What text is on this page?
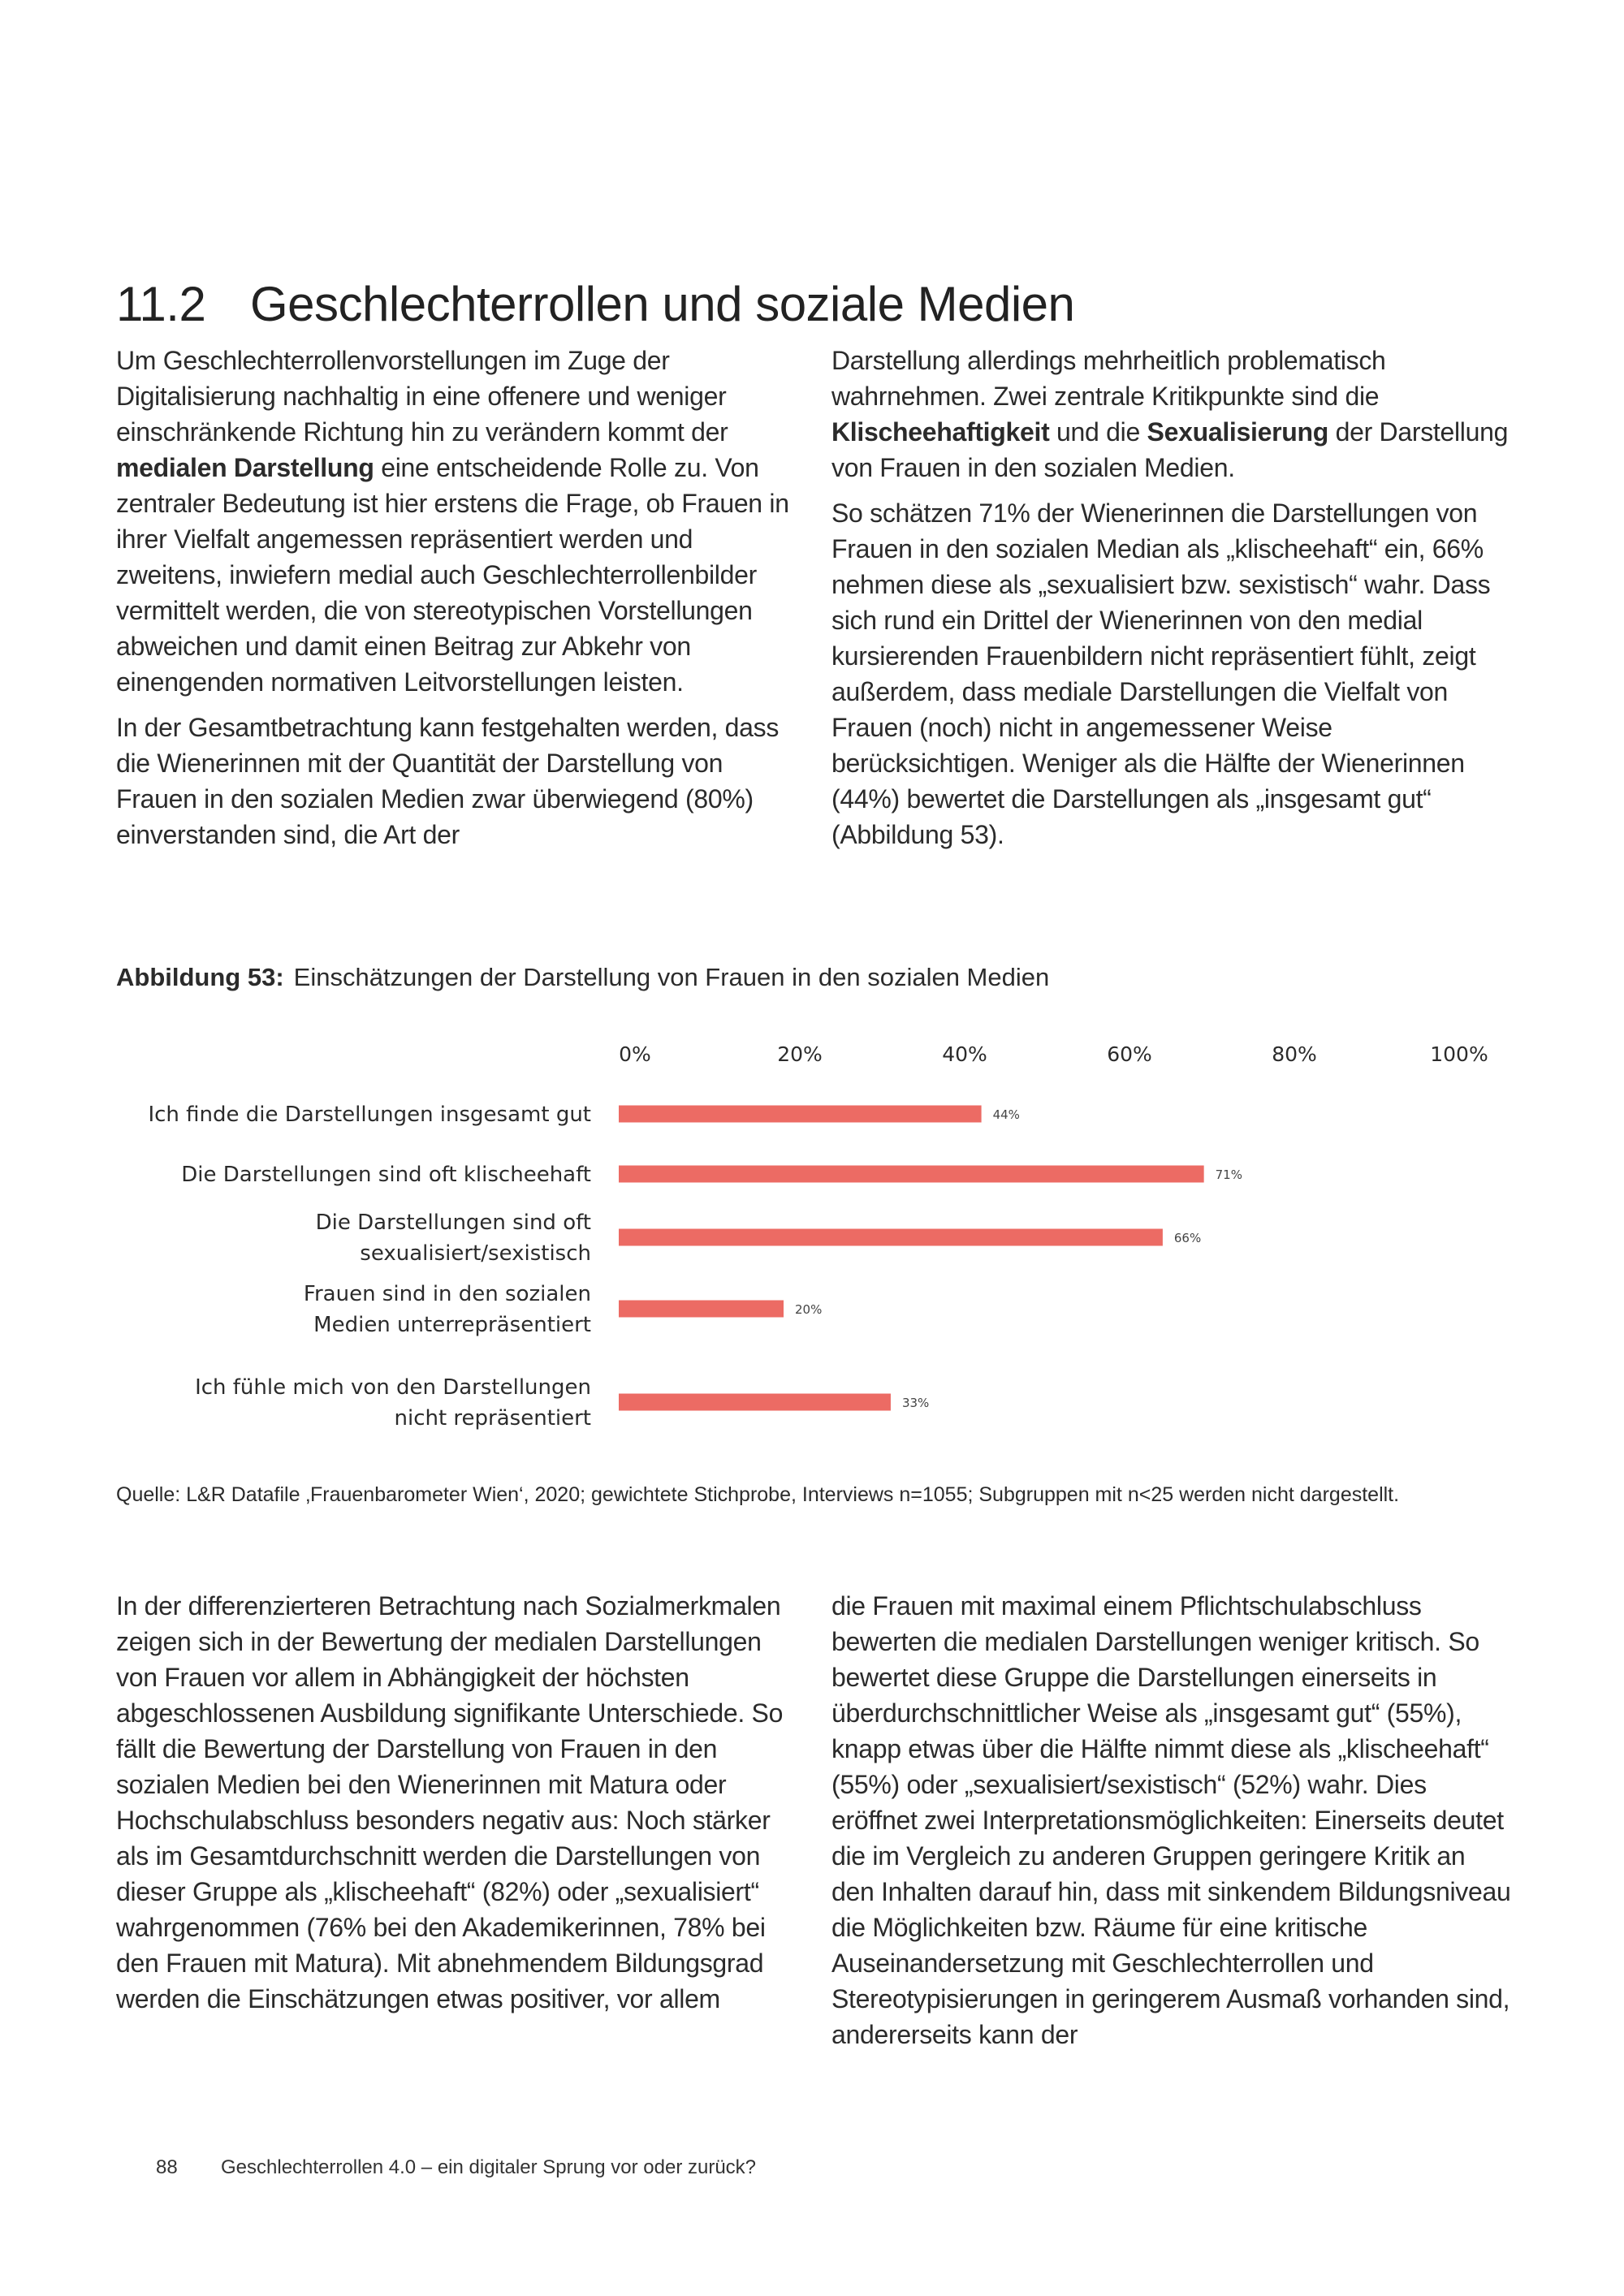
11.2 Geschlechterrollen und soziale Medien

Um Geschlechterrollenvorstellungen im Zuge der Digitalisierung nachhaltig in eine offenere und weniger einschränkende Richtung hin zu verändern kommt der medialen Darstellung eine entscheidende Rolle zu. Von zentraler Bedeutung ist hier erstens die Frage, ob Frauen in ihrer Vielfalt angemessen repräsentiert werden und zweitens, inwiefern medial auch Geschlechterrollenbilder vermittelt werden, die von stereotypischen Vorstellungen abweichen und damit einen Beitrag zur Abkehr von einengenden normativen Leitvorstellungen leisten.

In der Gesamtbetrachtung kann festgehalten werden, dass die Wienerinnen mit der Quantität der Darstellung von Frauen in den sozialen Medien zwar überwiegend (80%) einverstanden sind, die Art der

Darstellung allerdings mehrheitlich problematisch wahrnehmen. Zwei zentrale Kritikpunkte sind die Klischeehaftigkeit und die Sexualisierung der Darstellung von Frauen in den sozialen Medien.

So schätzen 71% der Wienerinnen die Darstellungen von Frauen in den sozialen Median als „klischeehaft“ ein, 66% nehmen diese als „sexualisiert bzw. sexistisch“ wahr. Dass sich rund ein Drittel der Wienerinnen von den medial kursierenden Frauenbildern nicht repräsentiert fühlt, zeigt außerdem, dass mediale Darstellungen die Vielfalt von Frauen (noch) nicht in angemessener Weise berücksichtigen. Weniger als die Hälfte der Wienerinnen (44%) bewertet die Darstellungen als „insgesamt gut“ (Abbildung 53).

Abbildung 53: Einschätzungen der Darstellung von Frauen in den sozialen Medien
0%	20%	40%	60%	80%	100%
44%
Ich finde die Darstellungen insgesamt gut
71%
Die Darstellungen sind oft klischeehaft
66%
Die Darstellungen sind oft
sexualisiert/sexistisch
20%
Frauen sind in den sozialen
Medien unterrepräsentiert
33%
Ich fühle mich von den Darstellungen
nicht repräsentiert
Quelle: L&R Datafile ‚Frauenbarometer Wien‘, 2020; gewichtete Stichprobe, Interviews n=1055; Subgruppen mit n<25 werden nicht dargestellt.

In der differenzierteren Betrachtung nach Sozialmerkmalen zeigen sich in der Bewertung der medialen Darstellungen von Frauen vor allem in Abhängigkeit der höchsten abgeschlossenen Ausbildung signifikante Unterschiede. So fällt die Bewertung der Darstellung von Frauen in den sozialen Medien bei den Wienerinnen mit Matura oder Hochschulabschluss besonders negativ aus: Noch stärker als im Gesamtdurchschnitt werden die Darstellungen von dieser Gruppe als „klischeehaft“ (82%) oder „sexualisiert“ wahrgenommen (76% bei den Akademikerinnen, 78% bei den Frauen mit Matura). Mit abnehmendem Bildungsgrad werden die Einschätzungen etwas positiver, vor allem

die Frauen mit maximal einem Pflichtschulabschluss bewerten die medialen Darstellungen weniger kritisch. So bewertet diese Gruppe die Darstellungen einerseits in überdurchschnittlicher Weise als „insgesamt gut“ (55%), knapp etwas über die Hälfte nimmt diese als „klischeehaft“ (55%) oder „sexualisiert/sexistisch“ (52%) wahr. Dies eröffnet zwei Interpretationsmöglichkeiten: Einerseits deutet die im Vergleich zu anderen Gruppen geringere Kritik an den Inhalten darauf hin, dass mit sinkendem Bildungsniveau die Möglichkeiten bzw. Räume für eine kritische Auseinandersetzung mit Geschlechterrollen und Stereotypisierungen in geringerem Ausmaß vorhanden sind, andererseits kann der

88 Geschlechterrollen 4.0 – ein digitaler Sprung vor oder zurück?
